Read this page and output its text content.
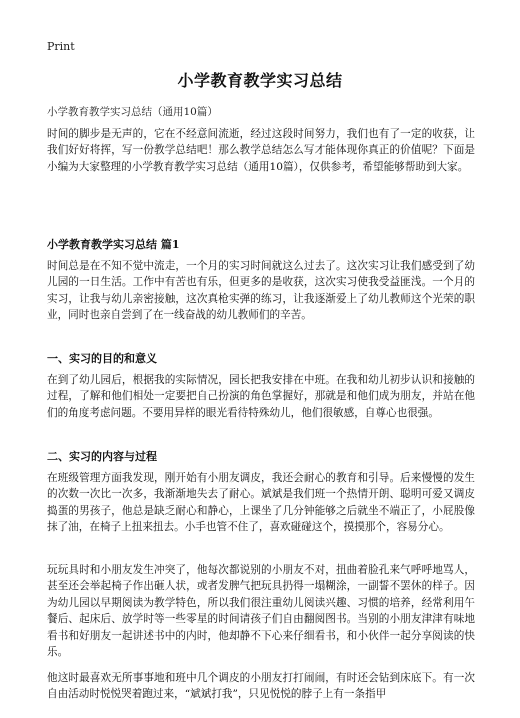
Print
小学教育教学实习总结
小学教育教学实习总结（通用10篇）

时间的脚步是无声的，它在不经意间流逝，经过这段时间努力，我们也有了一定的收获，让我们好好将挥，写一份教学总结吧！那么教学总结怎么写才能体现你真正的价值呢？下面是小编为大家整理的小学教育教学实习总结（通用10篇），仅供参考，希望能够帮助到大家。

小学教育教学实习总结 篇1

时间总是在不知不觉中流走，一个月的实习时间就这么过去了。这次实习让我们感受到了幼儿园的一日生活。工作中有苦也有乐，但更多的是收获，这次实习使我受益匪浅。一个月的实习，让我与幼儿亲密接触，这次真枪实弹的练习，让我逐渐爱上了幼儿教师这个光荣的职业，同时也亲自尝到了在一线奋战的幼儿教师们的辛苦。

一、实习的目的和意义

在到了幼儿园后，根据我的实际情况，园长把我安排在中班。在我和幼儿初步认识和接触的过程，了解和他们相处一定要把自己扮演的角色掌握好，那就是和他们成为朋友，并站在他们的角度考虑问题。不要用异样的眼光看待特殊幼儿，他们很敏感，自尊心也很强。

二、实习的内容与过程

在班级管理方面我发现，刚开始有小朋友调皮，我还会耐心的教育和引导。后来慢慢的发生的次数一次比一次多，我渐渐地失去了耐心。斌斌是我们班一个热情开朗、聪明可爱又调皮捣蛋的男孩子，他总是缺乏耐心和静心，上课坐了几分钟能够之后就坐不端正了，小屁股像抹了油，在椅子上扭来扭去。小手也管不住了，喜欢碰碰这个，摸摸那个，容易分心。

玩玩具时和小朋友发生冲突了，他每次都说别的小朋友不对，扭曲着脸孔来气呼呼地骂人，甚至还会举起椅子作出砸人状，或者发脾气把玩具扔得一塌糊涂，一副誓不罢休的样子。因为幼儿园以早期阅读为教学特色，所以我们很注重幼儿阅读兴趣、习惯的培养，经常利用午餐后、起床后、放学时等一些零星的时间请孩子们自由翻阅图书。当别的小朋友津津有味地看书和好朋友一起讲述书中的内时，他却静不下心来仔细看书，和小伙伴一起分享阅读的快乐。

他这时最喜欢无所事事地和班中几个调皮的小朋友打打闹闹，有时还会钻到床底下。有一次自由活动时悦悦哭着跑过来，“斌斌打我”，只见悦悦的脖子上有一条指甲
